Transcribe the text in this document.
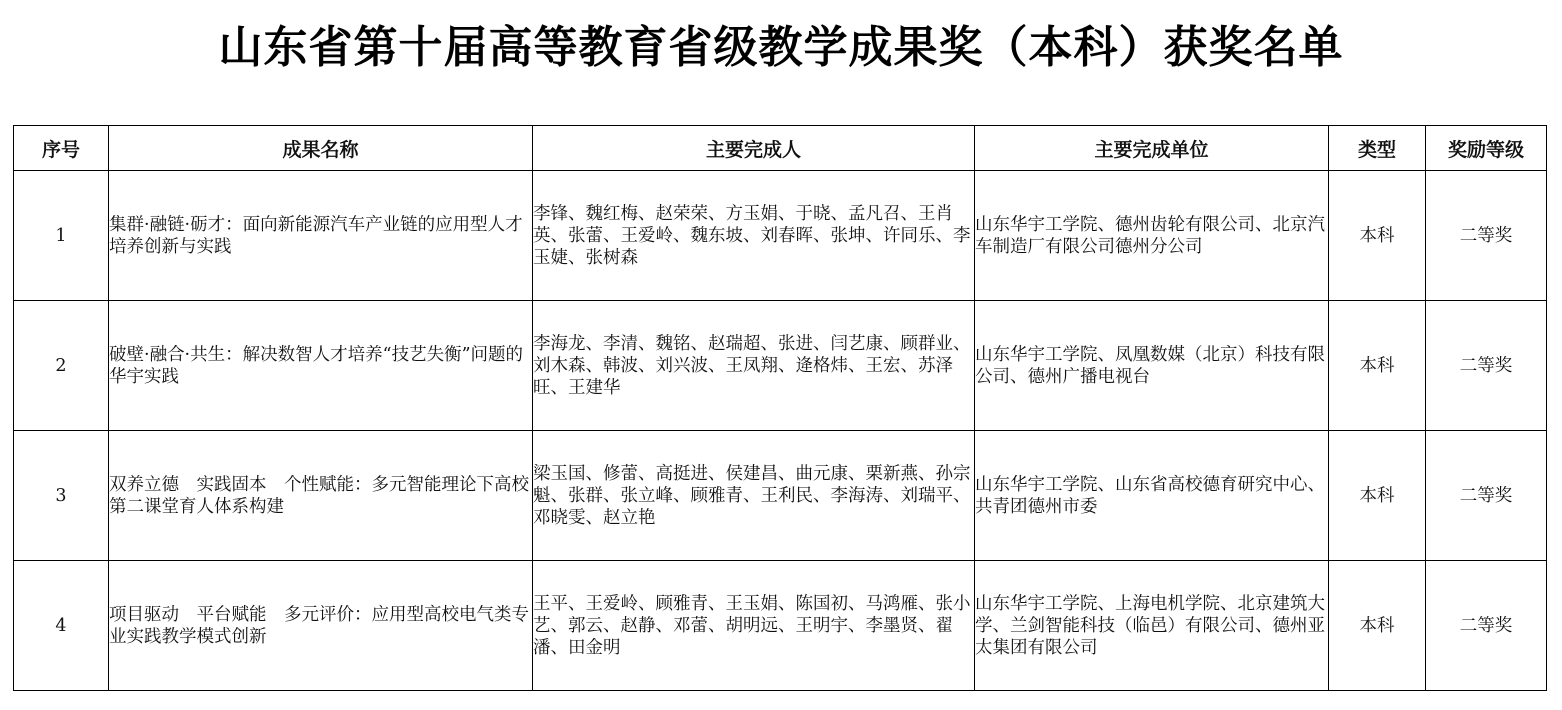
山东省第十届高等教育省级教学成果奖（本科）获奖名单
序号	成果名称	主要完成人	主要完成单位	类型	奖励等级
1	集群·融链·砺才：面向新能源汽车产业链的应用型人才培养创新与实践	李锋、魏红梅、赵荣荣、方玉娟、于晓、孟凡召、王肖英、张蕾、王爱岭、魏东坡、刘春晖、张坤、许同乐、李玉婕、张树森	山东华宇工学院、德州齿轮有限公司、北京汽车制造厂有限公司德州分公司	本科	二等奖
2	破壁·融合·共生：解决数智人才培养“技艺失衡”问题的华宇实践	李海龙、李清、魏铭、赵瑞超、张进、闫艺康、顾群业、刘木森、韩波、刘兴波、王凤翔、逄格炜、王宏、苏泽旺、王建华	山东华宇工学院、凤凰数媒（北京）科技有限公司、德州广播电视台	本科	二等奖
3	双养立德　实践固本　个性赋能：多元智能理论下高校第二课堂育人体系构建	梁玉国、修蕾、高挺进、侯建昌、曲元康、栗新燕、孙宗魁、张群、张立峰、顾雅青、王利民、李海涛、刘瑞平、邓晓雯、赵立艳	山东华宇工学院、山东省高校德育研究中心、共青团德州市委	本科	二等奖
4	项目驱动　平台赋能　多元评价：应用型高校电气类专业实践教学模式创新	王平、王爱岭、顾雅青、王玉娟、陈国初、马鸿雁、张小艺、郭云、赵静、邓蕾、胡明远、王明宇、李墨贤、翟潘、田金明	山东华宇工学院、上海电机学院、北京建筑大学、兰剑智能科技（临邑）有限公司、德州亚太集团有限公司	本科	二等奖
